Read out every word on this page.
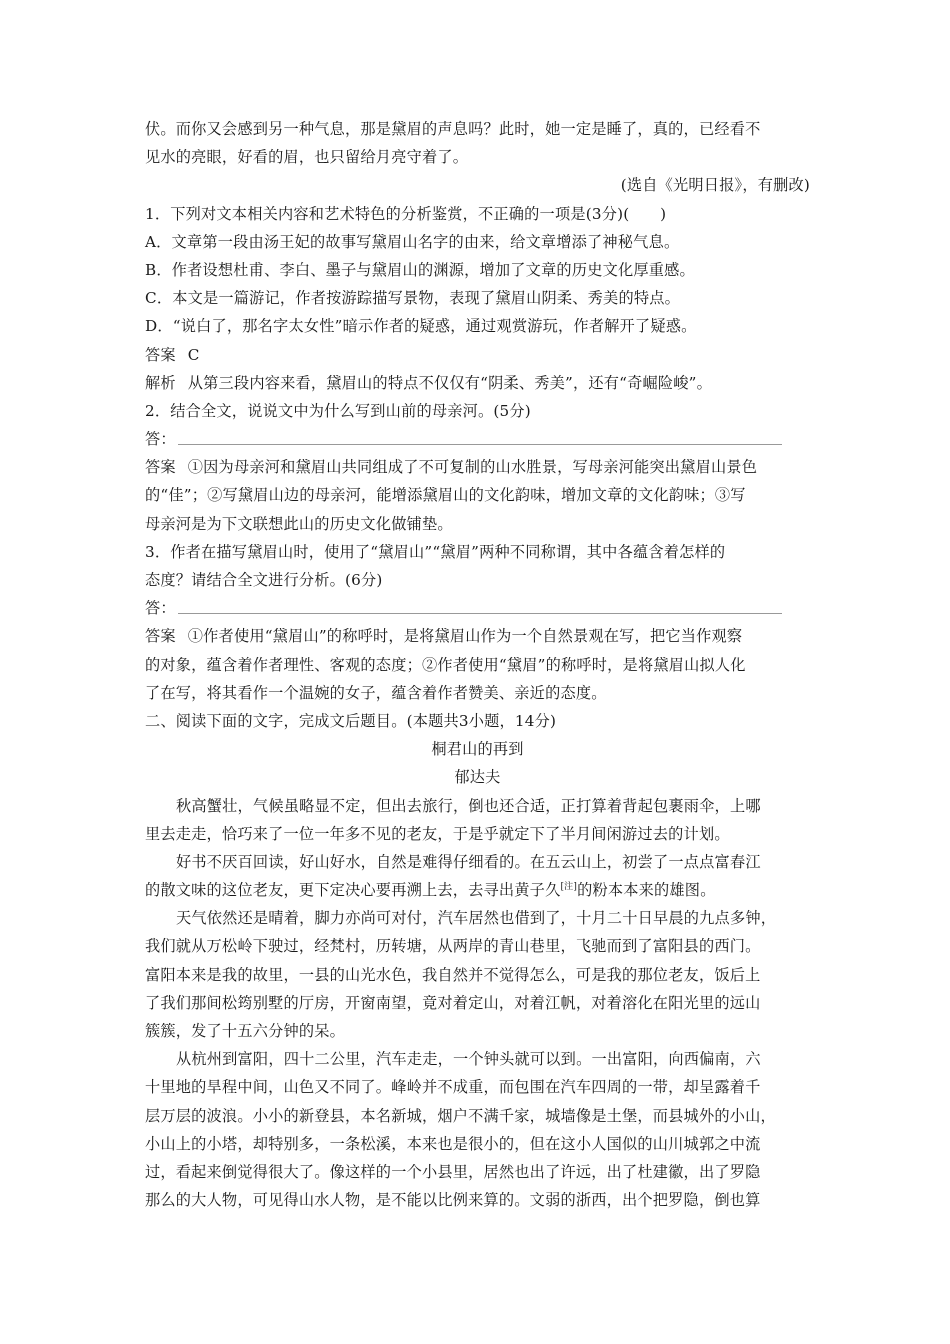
伏。而你又会感到另一种气息，那是黛眉的声息吗？此时，她一定是睡了，真的，已经看不
见水的亮眼，好看的眉，也只留给月亮守着了。
(选自《光明日报》，有删改)
1．下列对文本相关内容和艺术特色的分析鉴赏，不正确的一项是(3分)(　　)
A．文章第一段由汤王妃的故事写黛眉山名字的由来，给文章增添了神秘气息。
B．作者设想杜甫、李白、墨子与黛眉山的渊源，增加了文章的历史文化厚重感。
C．本文是一篇游记，作者按游踪描写景物，表现了黛眉山阴柔、秀美的特点。
D．“说白了，那名字太女性”暗示作者的疑惑，通过观赏游玩，作者解开了疑惑。
答案 C
解析 从第三段内容来看，黛眉山的特点不仅仅有“阴柔、秀美”，还有“奇崛险峻”。
2．结合全文，说说文中为什么写到山前的母亲河。(5分)
答：
答案 ①因为母亲河和黛眉山共同组成了不可复制的山水胜景，写母亲河能突出黛眉山景色
的“佳”；②写黛眉山边的母亲河，能增添黛眉山的文化韵味，增加文章的文化韵味；③写
母亲河是为下文联想此山的历史文化做铺垫。
3．作者在描写黛眉山时，使用了“黛眉山”“黛眉”两种不同称谓，其中各蕴含着怎样的
态度？请结合全文进行分析。(6分)
答：
答案 ①作者使用“黛眉山”的称呼时，是将黛眉山作为一个自然景观在写，把它当作观察
的对象，蕴含着作者理性、客观的态度；②作者使用“黛眉”的称呼时，是将黛眉山拟人化
了在写，将其看作一个温婉的女子，蕴含着作者赞美、亲近的态度。
二、阅读下面的文字，完成文后题目。(本题共3小题，14分)
桐君山的再到
郁达夫
秋高蟹壮，气候虽略显不定，但出去旅行，倒也还合适，正打算着背起包裹雨伞，上哪
里去走走，恰巧来了一位一年多不见的老友，于是乎就定下了半月间闲游过去的计划。
好书不厌百回读，好山好水，自然是难得仔细看的。在五云山上，初尝了一点点富春江
的散文味的这位老友，更下定决心要再溯上去，去寻出黄子久[注]的粉本本来的雄图。
天气依然还是晴着，脚力亦尚可对付，汽车居然也借到了，十月二十日早晨的九点多钟，
我们就从万松岭下驶过，经梵村，历转塘，从两岸的青山巷里，飞驰而到了富阳县的西门。
富阳本来是我的故里，一县的山光水色，我自然并不觉得怎么，可是我的那位老友，饭后上
了我们那间松筠别墅的厅房，开窗南望，竟对着定山，对着江帆，对着溶化在阳光里的远山
簇簇，发了十五六分钟的呆。
从杭州到富阳，四十二公里，汽车走走，一个钟头就可以到。一出富阳，向西偏南，六
十里地的旱程中间，山色又不同了。峰岭并不成重，而包围在汽车四周的一带，却呈露着千
层万层的波浪。小小的新登县，本名新城，烟户不满千家，城墙像是土堡，而县城外的小山，
小山上的小塔，却特别多，一条松溪，本来也是很小的，但在这小人国似的山川城郭之中流
过，看起来倒觉得很大了。像这样的一个小县里，居然也出了许远，出了杜建徽，出了罗隐
那么的大人物，可见得山水人物，是不能以比例来算的。文弱的浙西，出个把罗隐，倒也算
